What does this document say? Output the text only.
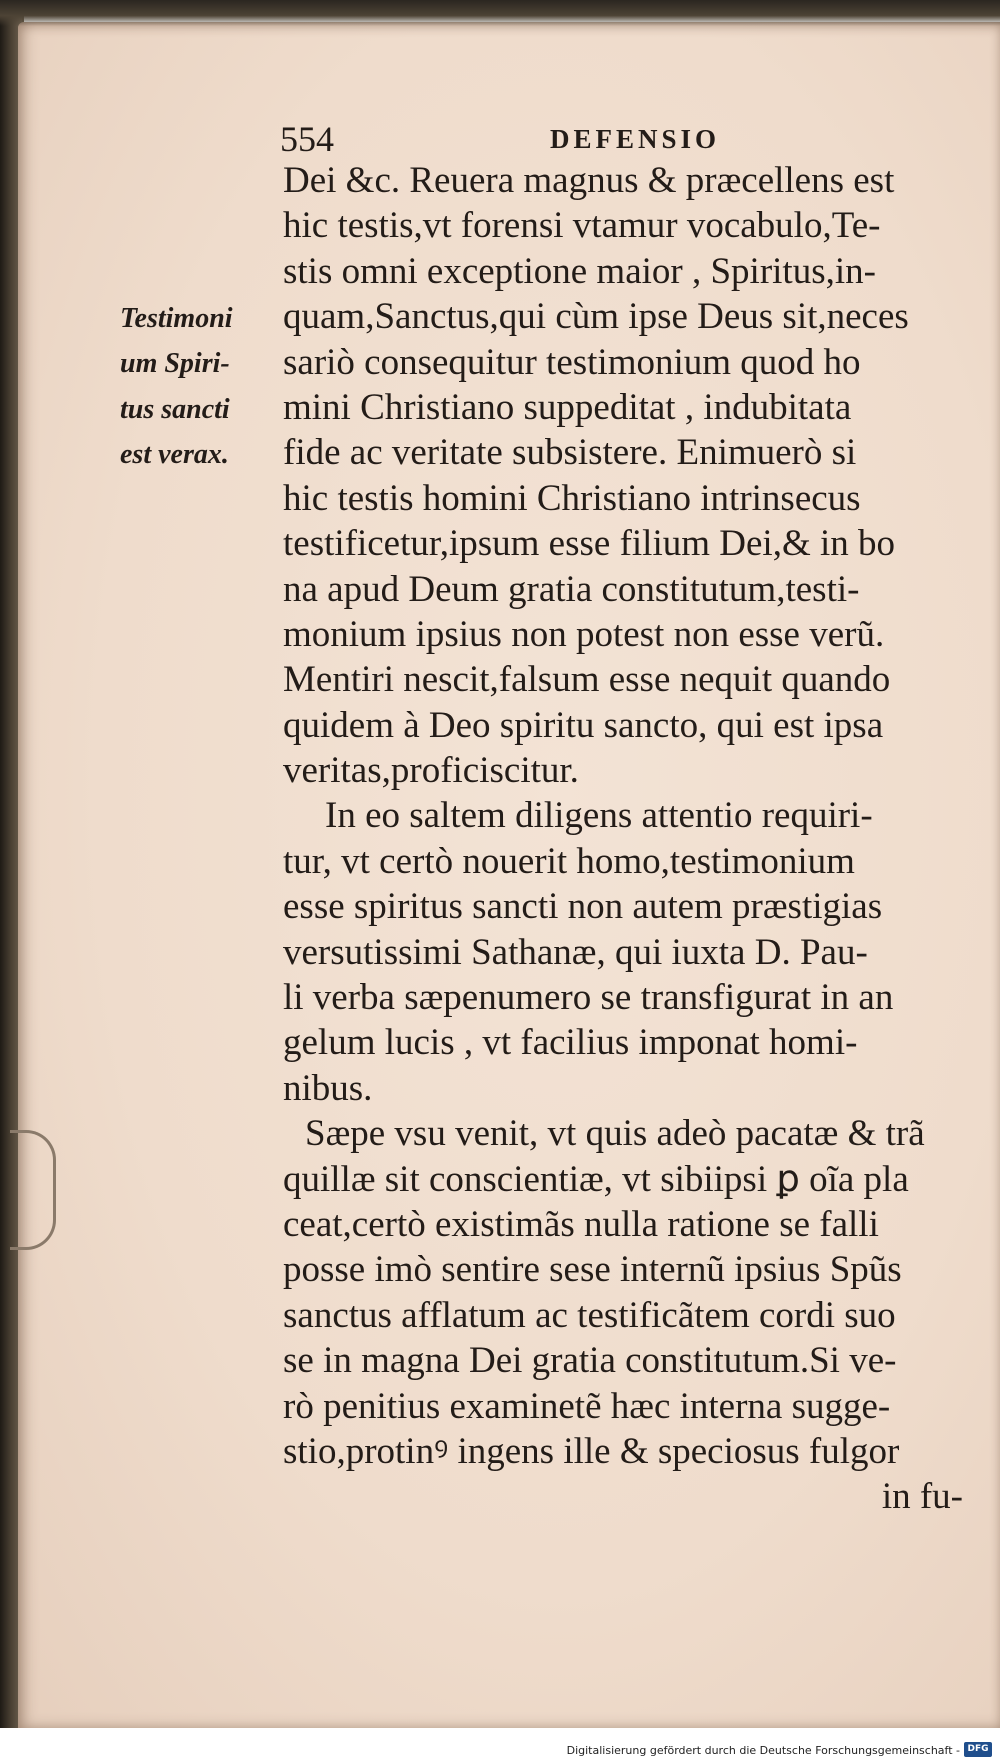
554	DEFENSIO
Testimoni
um Spiri-
tus sancti
est verax.
Dei &c. Reuera magnus & præcellens est
hic testis,vt forensi vtamur vocabulo,Te-
stis omni exceptione maior , Spiritus,in-
quam,Sanctus,qui cùm ipse Deus sit,neces
sariò consequitur testimonium quod ho
mini Christiano suppeditat , indubitata
fide ac veritate subsistere. Enimuerò si
hic testis homini Christiano intrinsecus
testificetur,ipsum esse filium Dei,& in bo
na apud Deum gratia constitutum,testi-
monium ipsius non potest non esse verũ.
Mentiri nescit,falsum esse nequit quando
quidem à Deo spiritu sancto, qui est ipsa
veritas,proficiscitur.
In eo saltem diligens attentio requiri-
tur, vt certò nouerit homo,testimonium
esse spiritus sancti non autem præstigias
versutissimi Sathanæ, qui iuxta D. Pau-
li verba sæpenumero se transfigurat in an
gelum lucis , vt facilius imponat homi-
nibus.
Sæpe vsu venit, vt quis adeò pacatæ & trã
quillæ sit conscientiæ, vt sibiipsi ꝑ oĩa pla
ceat,certò existimãs nulla ratione se falli
posse imò sentire sese internũ ipsius Spũs
sanctus afflatum ac testificãtem cordi suo
se in magna Dei gratia constitutum.Si ve-
rò penitius examinetẽ hæc interna sugge-
stio,protinꝰ ingens ille & speciosus fulgor
in fu-
Digitalisierung gefördert durch die Deutsche Forschungsgemeinschaft - DFG
